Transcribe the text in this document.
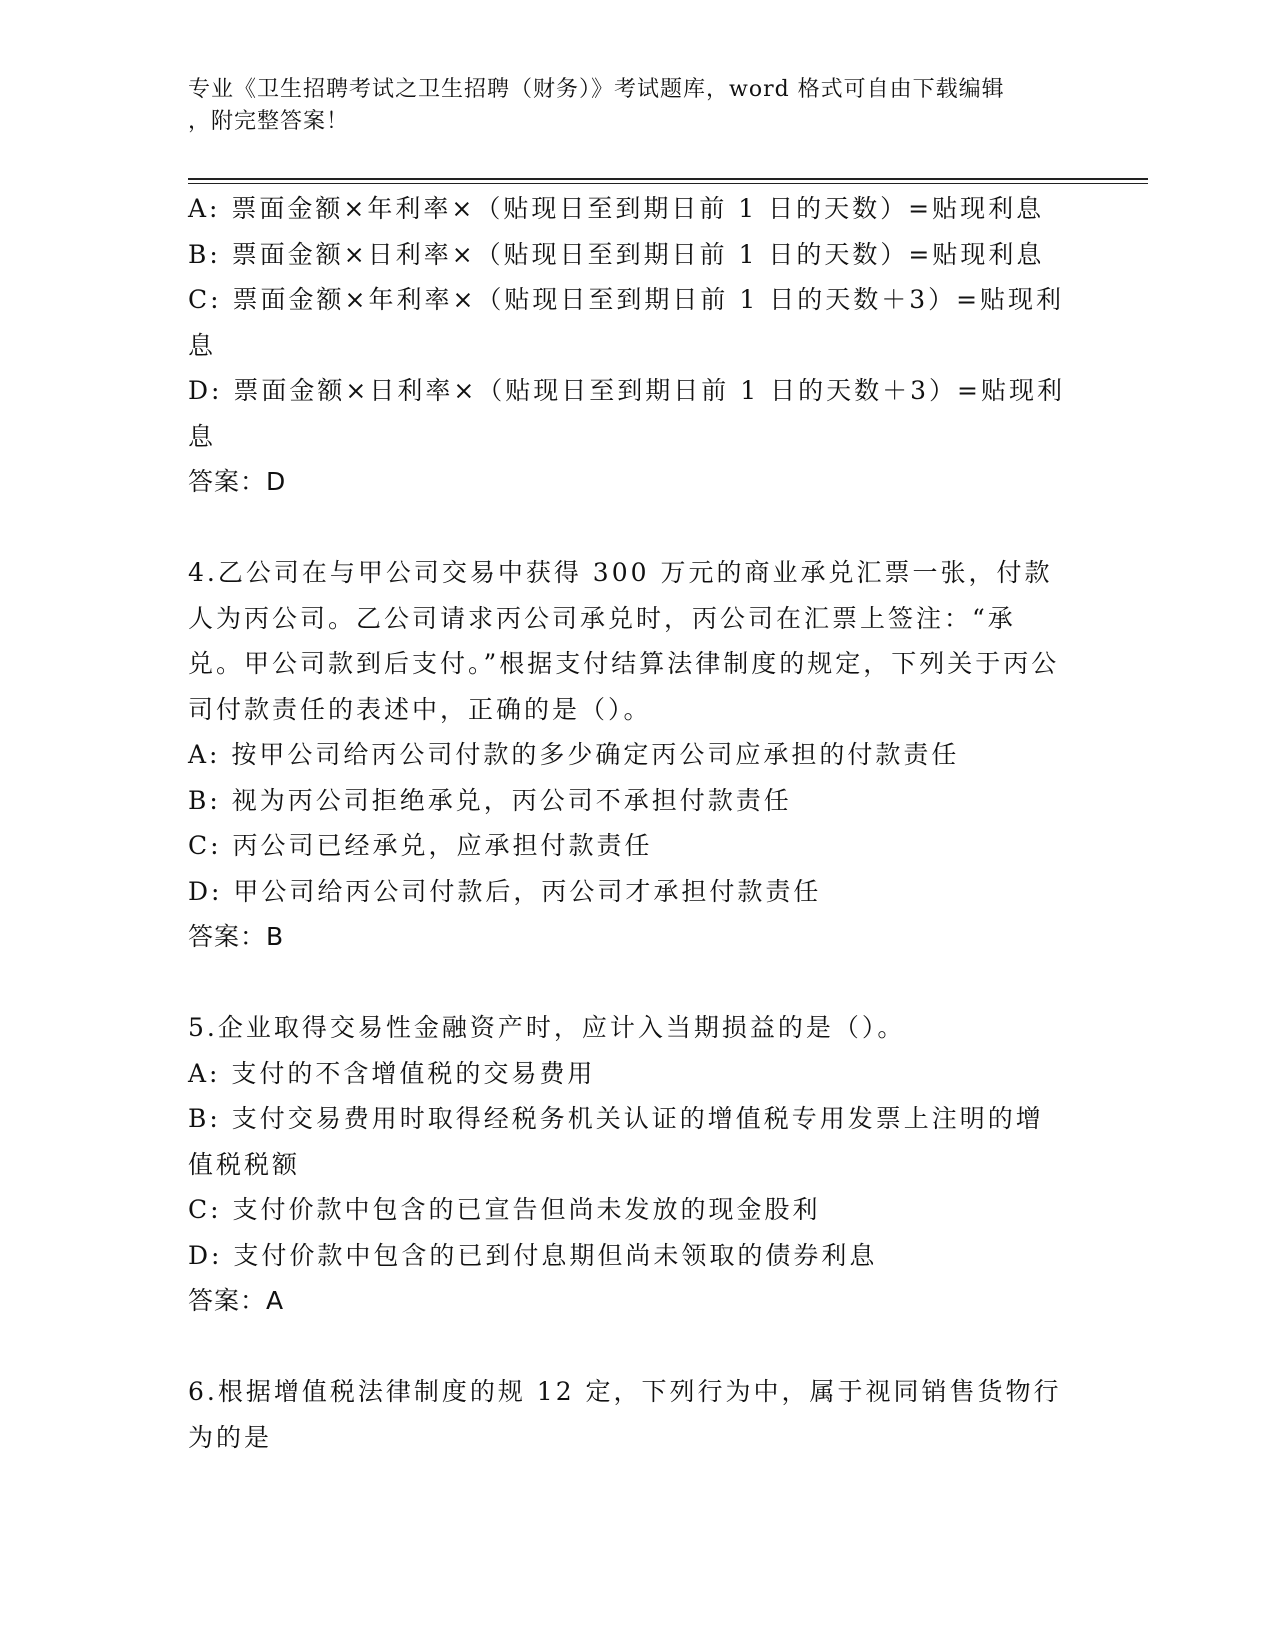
专业《卫生招聘考试之卫生招聘（财务）》考试题库，word 格式可自由下载编辑
，附完整答案！

A: 票面金额×年利率×（贴现日至到期日前 1 日的天数）=贴现利息

B: 票面金额×日利率×（贴现日至到期日前 1 日的天数）=贴现利息

C: 票面金额×年利率×（贴现日至到期日前 1 日的天数＋3）=贴现利息

D: 票面金额×日利率×（贴现日至到期日前 1 日的天数＋3）=贴现利息

答案：D

4.乙公司在与甲公司交易中获得 300 万元的商业承兑汇票一张，付款人为丙公司。乙公司请求丙公司承兑时，丙公司在汇票上签注：“承兑。甲公司款到后支付。”根据支付结算法律制度的规定，下列关于丙公司付款责任的表述中，正确的是（）。

A: 按甲公司给丙公司付款的多少确定丙公司应承担的付款责任

B: 视为丙公司拒绝承兑，丙公司不承担付款责任

C: 丙公司已经承兑，应承担付款责任

D: 甲公司给丙公司付款后，丙公司才承担付款责任

答案：B

5.企业取得交易性金融资产时，应计入当期损益的是（）。

A: 支付的不含增值税的交易费用

B: 支付交易费用时取得经税务机关认证的增值税专用发票上注明的增值税税额

C: 支付价款中包含的已宣告但尚未发放的现金股利

D: 支付价款中包含的已到付息期但尚未领取的债券利息

答案：A

6.根据增值税法律制度的规 12 定，下列行为中，属于视同销售货物行为的是
